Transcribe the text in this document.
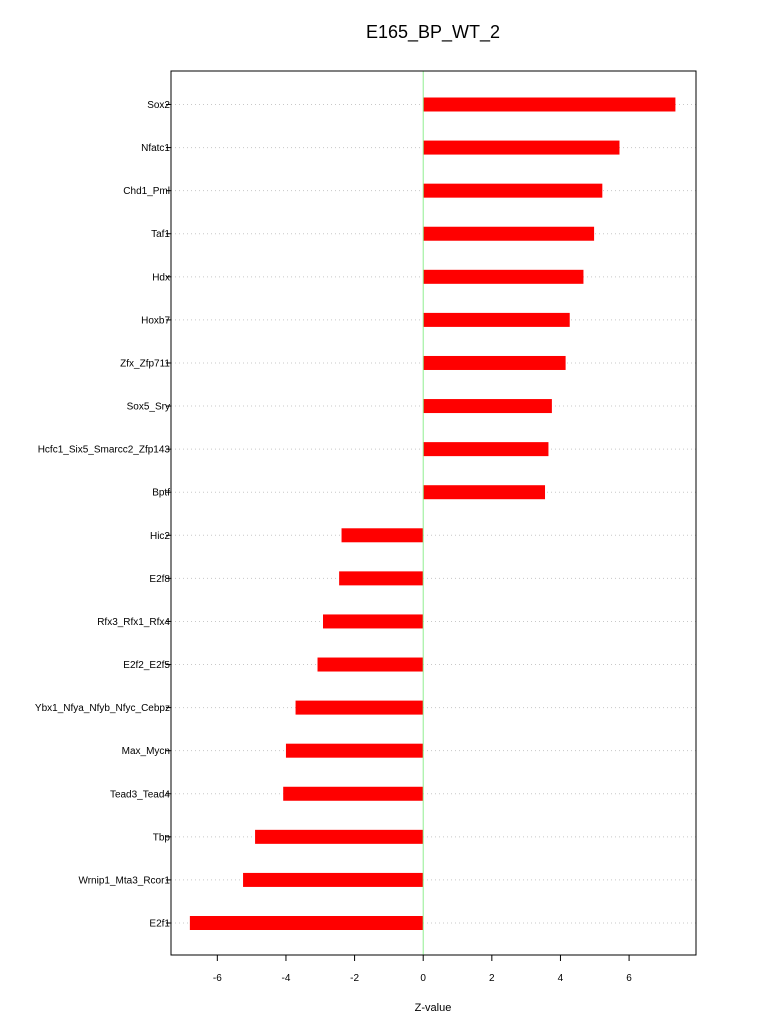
E165_BP_WT_2
-6	-4	-2	0	2	4	6
Sox2
Nfatc1
Chd1_Pml
Taf1
Hdx
Hoxb7
Zfx_Zfp711
Sox5_Sry
Hcfc1_Six5_Smarcc2_Zfp143
Bptf
Hic2
E2f8
Rfx3_Rfx1_Rfx4
E2f2_E2f5
Ybx1_Nfya_Nfyb_Nfyc_Cebpz
Max_Mycn
Tead3_Tead4
Tbp
Wrnip1_Mta3_Rcor1
E2f1
Z-value
